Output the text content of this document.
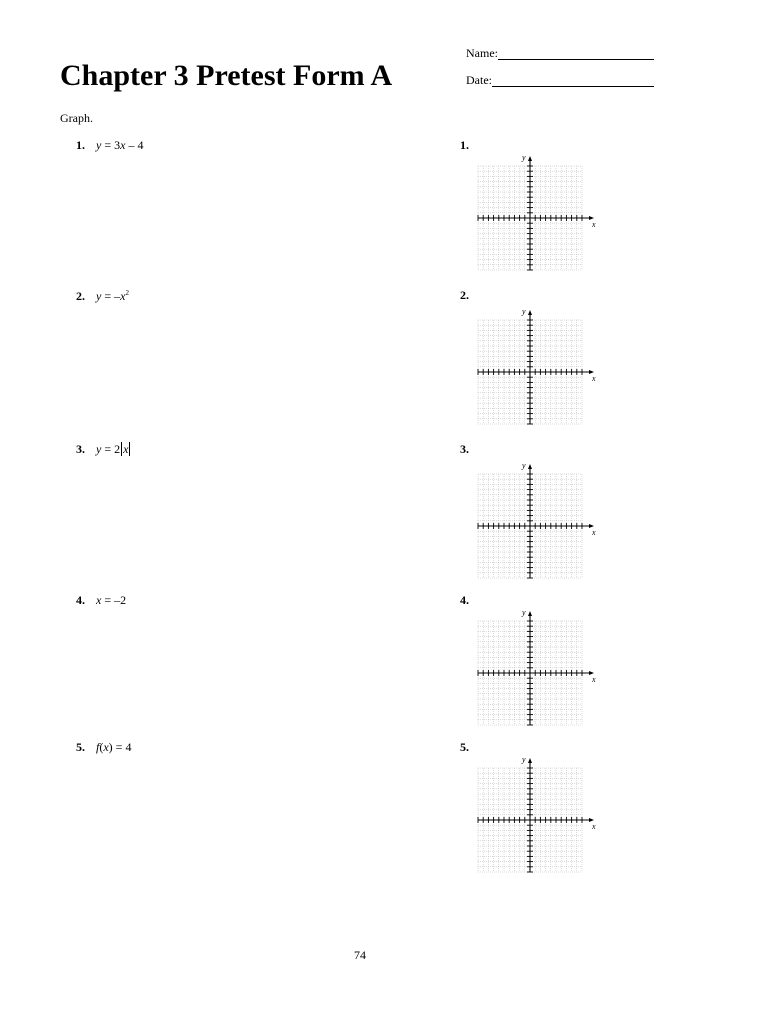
Chapter 3 Pretest Form A
Name:
Date:
Graph.
1. y = 3x – 4	1.
x
y
2. $y = -x^2$	2.
x
y
3. y = 2 x	3.
x
y
4. x = –2	4.
x
y
5. f(x) = 4	5.
x
y
74
